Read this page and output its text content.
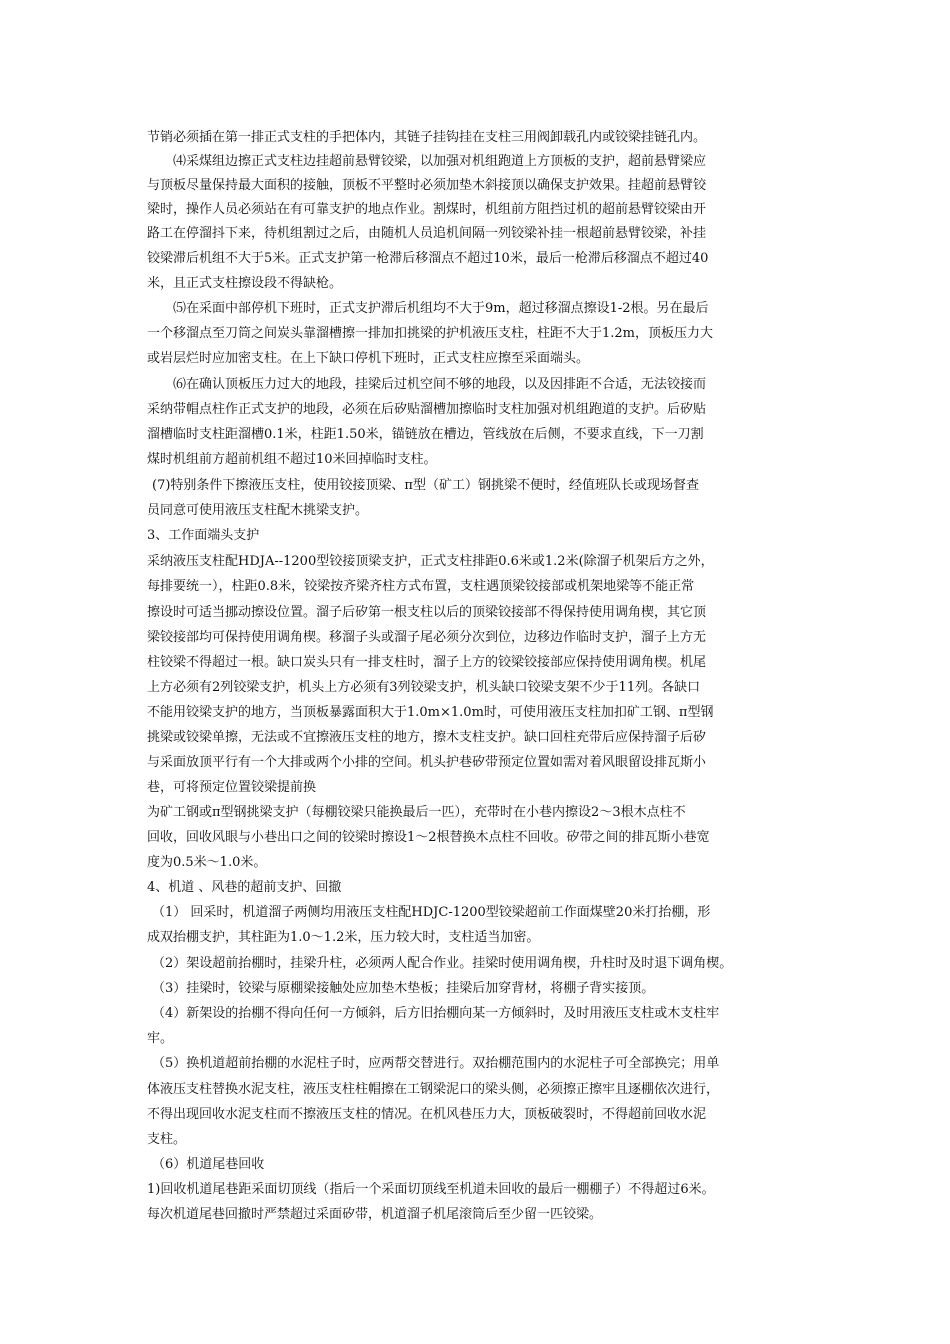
节销必须插在第一排正式支柱的手把体内，其链子挂钩挂在支柱三用阀卸载孔内或铰梁挂链孔内。
⑷采煤组边擦正式支柱边挂超前悬臂铰梁，以加强对机组跑道上方顶板的支护，超前悬臂梁应
与顶板尽量保持最大面积的接触，顶板不平整时必须加垫木斜接顶以确保支护效果。挂超前悬臂铰
梁时，操作人员必须站在有可靠支护的地点作业。割煤时，机组前方阻挡过机的超前悬臂铰梁由开
路工在停溜抖下来，待机组割过之后，由随机人员追机间隔一列铰梁补挂一根超前悬臂铰梁，补挂
铰梁滞后机组不大于5米。正式支护第一枪滞后移溜点不超过10米，最后一枪滞后移溜点不超过40
米，且正式支柱擦设段不得缺枪。
⑸在采面中部停机下班时，正式支护滞后机组均不大于9m，超过移溜点擦设1-2根。另在最后
一个移溜点至刀筒之间炭头靠溜槽擦一排加扣挑梁的护机液压支柱，柱距不大于1.2m，顶板压力大
或岩层烂时应加密支柱。在上下缺口停机下班时，正式支柱应擦至采面端头。
⑹在确认顶板压力过大的地段，挂梁后过机空间不够的地段，以及因排距不合适，无法铰接而
采纳带帽点柱作正式支护的地段，必须在后矽贴溜槽加擦临时支柱加强对机组跑道的支护。后矽贴
溜槽临时支柱距溜槽0.1米，柱距1.50米，锚链放在槽边，管线放在后侧，不要求直线，下一刀割
煤时机组前方超前机组不超过10米回掉临时支柱。
(7)特别条件下擦液压支柱，使用铰接顶梁、π型（矿工）钢挑梁不便时，经值班队长或现场督查
员同意可使用液压支柱配木挑梁支护。
3、工作面端头支护
采纳液压支柱配HDJA--1200型铰接顶梁支护，正式支柱排距0.6米或1.2米(除溜子机架后方之外，
每排要统一），柱距0.8米，铰梁按齐梁齐柱方式布置，支柱遇顶梁铰接部或机架地梁等不能正常
擦设时可适当挪动擦设位置。溜子后矽第一根支柱以后的顶梁铰接部不得保持使用调角楔，其它顶
梁铰接部均可保持使用调角楔。移溜子头或溜子尾必须分次到位，边移边作临时支护，溜子上方无
柱铰梁不得超过一根。缺口炭头只有一排支柱时，溜子上方的铰梁铰接部应保持使用调角楔。机尾
上方必须有2列铰梁支护，机头上方必须有3列铰梁支护，机头缺口铰梁支架不少于11列。各缺口
不能用铰梁支护的地方，当顶板暴露面积大于1.0m×1.0m时，可使用液压支柱加扣矿工钢、π型钢
挑梁或铰梁单擦，无法或不宜擦液压支柱的地方，擦木支柱支护。缺口回柱充带后应保持溜子后矽
与采面放顶平行有一个大排或两个小排的空间。机头护巷矽带预定位置如需对着风眼留设排瓦斯小
巷，可将预定位置铰梁提前换
为矿工钢或π型钢挑梁支护（每棚铰梁只能换最后一匹），充带时在小巷内擦设2～3根木点柱不
回收，回收风眼与小巷出口之间的铰梁时擦设1～2根替换木点柱不回收。矽带之间的排瓦斯小巷宽
度为0.5米～1.0米。
4、机道 、风巷的超前支护、回撤
（1） 回采时，机道溜子两侧均用液压支柱配HDJC-1200型铰梁超前工作面煤壁20米打抬棚，形
成双抬棚支护，其柱距为1.0～1.2米，压力较大时，支柱适当加密。
（2）架设超前抬棚时，挂梁升柱，必须两人配合作业。挂梁时使用调角楔，升柱时及时退下调角楔。
（3）挂梁时，铰梁与原棚梁接触处应加垫木垫板；挂梁后加穿背材，将棚子背实接顶。
（4）新架设的抬棚不得向任何一方倾斜，后方旧抬棚向某一方倾斜时，及时用液压支柱或木支柱牢
牢。
（5）换机道超前抬棚的水泥柱子时，应两帮交替进行。双抬棚范围内的水泥柱子可全部换完；用单
体液压支柱替换水泥支柱，液压支柱柱帽擦在工钢梁泥口的梁头侧，必须擦正擦牢且逐棚依次进行，
不得出现回收水泥支柱而不擦液压支柱的情况。在机风巷压力大，顶板破裂时，不得超前回收水泥
支柱。
（6）机道尾巷回收
1)回收机道尾巷距采面切顶线（指后一个采面切顶线至机道未回收的最后一棚棚子）不得超过6米。
每次机道尾巷回撤时严禁超过采面矽带，机道溜子机尾滚筒后至少留一匹铰梁。
